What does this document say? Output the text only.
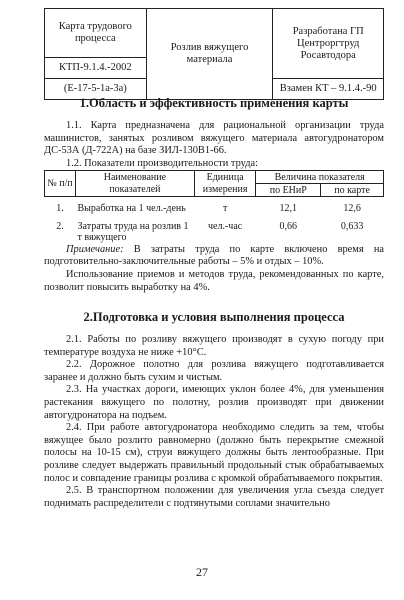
Карта трудового процесса	Розлив вяжущего материала	Разработана ГП Центроргтруд Росавтодора
КТП-9.1.4.-2002		
(Е-17-5-1а-3а)		Взамен КТ – 9.1.4.-90
1.Область и эффективность применения карты

1.1. Карта предназначена для рациональной организации труда машинистов, занятых розливом вяжущего материала автогудронатором ДС-53А (Д-722А) на базе ЗИЛ-130В1-66.

1.2. Показатели производительности труда:

№ п/п	Наименование показателей	Единица измерения	Величина показателя	
			по ЕНиР	по карте

1.	Выработка на 1 чел.-день	т	12,1	12,6

2.	Затраты труда на розлив 1 т вяжущего	чел.-час	0,66	0,633

Примечание: В затраты труда по карте включено время на подготовительно-заключительные работы – 5% и отдых – 10%.

Использование приемов и методов труда, рекомендованных по карте, позволит повысить выработку на 4%.

2.Подготовка и условия выполнения процесса

2.1. Работы по розливу вяжущего производят в сухую погоду при температуре воздуха не ниже +10°С.

2.2. Дорожное полотно для розлива вяжущего подготавливается заранее и должно быть сухим и чистым.

2.3. На участках дороги, имеющих уклон более 4%, для уменьшения растекания вяжущего по полотну, розлив производят при движении автогудронатора на подъем.

2.4. При работе автогудронатора необходимо следить за тем, чтобы вяжущее было розлито равномерно (должно быть перекрытие смежной полосы на 10-15 см), струи вяжущего должны быть лентообразные. При розливе следует выдержать правильный продольный стык обрабатываемых полос и совпадение границы розлива с кромкой обрабатываемого покрытия.

2.5. В транспортном положении для увеличения угла съезда следует поднимать распределители с подтянутыми соплами значительно

27
